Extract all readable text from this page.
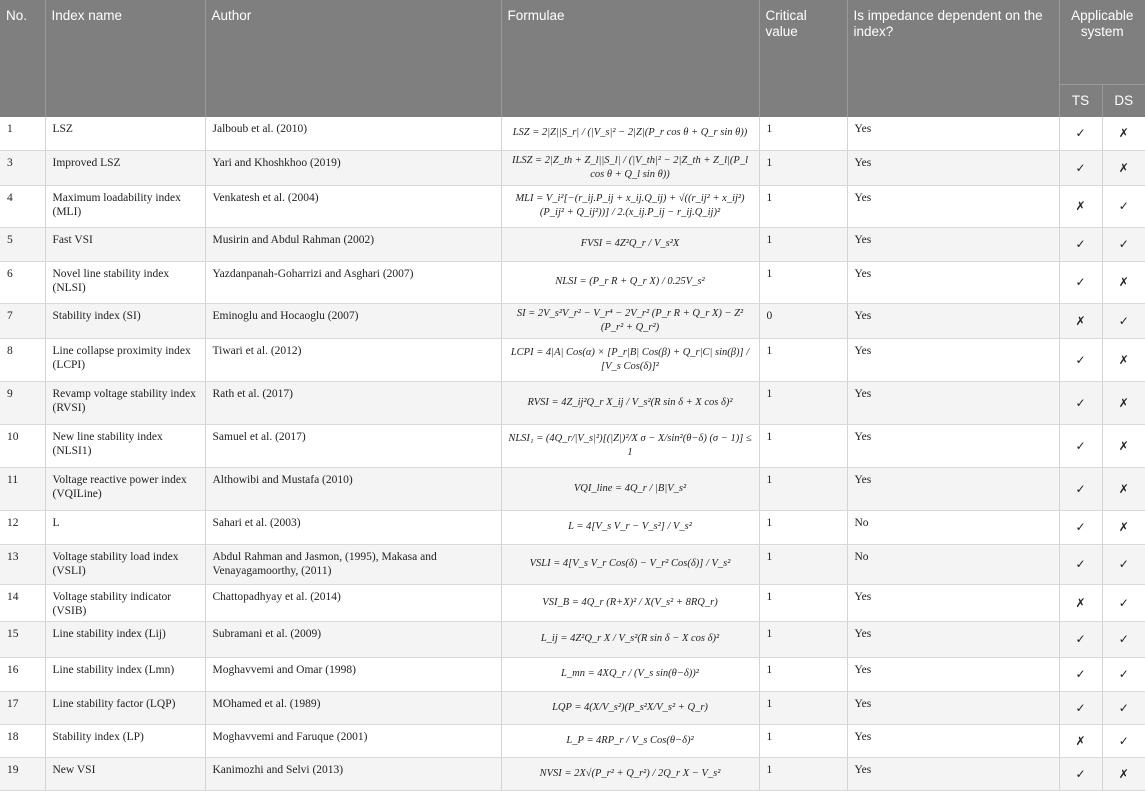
No.	Index name	Author	Formulae	Critical value	Is impedance dependent on the index?	Applicable system	
						TS	DS
1	LSZ	Jalboub et al. (2010)	LSZ = 2|Z||S_r| / (|V_s|² − 2|Z|(P_r cos θ + Q_r sin θ))	1	Yes	✓	✗
3	Improved LSZ	Yari and Khoshkhoo (2019)	ILSZ = 2|Z_th + Z_l||S_l| / (|V_th|² − 2|Z_th + Z_l|(P_l cos θ + Q_l sin θ))	1	Yes	✓	✗
4	Maximum loadability index (MLI)	Venkatesh et al. (2004)	MLI = V_i²[−(r_ij.P_ij + x_ij.Q_ij) + √((r_ij² + x_ij²)(P_ij² + Q_ij²))] / 2.(x_ij.P_ij − r_ij.Q_ij)²	1	Yes	✗	✓
5	Fast VSI	Musirin and Abdul Rahman (2002)	FVSI = 4Z²Q_r / V_s²X	1	Yes	✓	✓
6	Novel line stability index (NLSI)	Yazdanpanah-Goharrizi and Asghari (2007)	NLSI = (P_r R + Q_r X) / 0.25V_s²	1	Yes	✓	✗
7	Stability index (SI)	Eminoglu and Hocaoglu (2007)	SI = 2V_s²V_r² − V_r⁴ − 2V_r² (P_r R + Q_r X) − Z² (P_r² + Q_r²)	0	Yes	✗	✓
8	Line collapse proximity index (LCPI)	Tiwari et al. (2012)	LCPI = 4|A| Cos(α) × [P_r|B| Cos(β) + Q_r|C| sin(β)] / [V_s Cos(δ)]²	1	Yes	✓	✗
9	Revamp voltage stability index (RVSI)	Rath et al. (2017)	RVSI = 4Z_ij²Q_r X_ij / V_s²(R sin δ + X cos δ)²	1	Yes	✓	✗
10	New line stability index (NLSI1)	Samuel et al. (2017)	NLSI₁ = (4Q_r/|V_s|²)[(|Z|)²/X σ − X/sin²(θ−δ) (σ − 1)] ≤ 1	1	Yes	✓	✗
11	Voltage reactive power index (VQILine)	Althowibi and Mustafa (2010)	VQI_line = 4Q_r / |B|V_s²	1	Yes	✓	✗
12	L	Sahari et al. (2003)	L = 4[V_s V_r − V_s²] / V_s²	1	No	✓	✗
13	Voltage stability load index (VSLI)	Abdul Rahman and Jasmon, (1995), Makasa and Venayagamoorthy, (2011)	VSLI = 4[V_s V_r Cos(δ) − V_r² Cos(δ)] / V_s²	1	No	✓	✓
14	Voltage stability indicator (VSIB)	Chattopadhyay et al. (2014)	VSI_B = 4Q_r (R+X)² / X(V_s² + 8RQ_r)	1	Yes	✗	✓
15	Line stability index (Lij)	Subramani et al. (2009)	L_ij = 4Z²Q_r X / V_s²(R sin δ − X cos δ)²	1	Yes	✓	✓
16	Line stability index (Lmn)	Moghavvemi and Omar (1998)	L_mn = 4XQ_r / (V_s sin(θ−δ))²	1	Yes	✓	✓
17	Line stability factor (LQP)	MOhamed et al. (1989)	LQP = 4(X/V_s²)(P_s²X/V_s² + Q_r)	1	Yes	✓	✓
18	Stability index (LP)	Moghavvemi and Faruque (2001)	L_P = 4RP_r / V_s Cos(θ−δ)²	1	Yes	✗	✓
19	New VSI	Kanimozhi and Selvi (2013)	NVSI = 2X√(P_r² + Q_r²) / 2Q_r X − V_s²	1	Yes	✓	✗
